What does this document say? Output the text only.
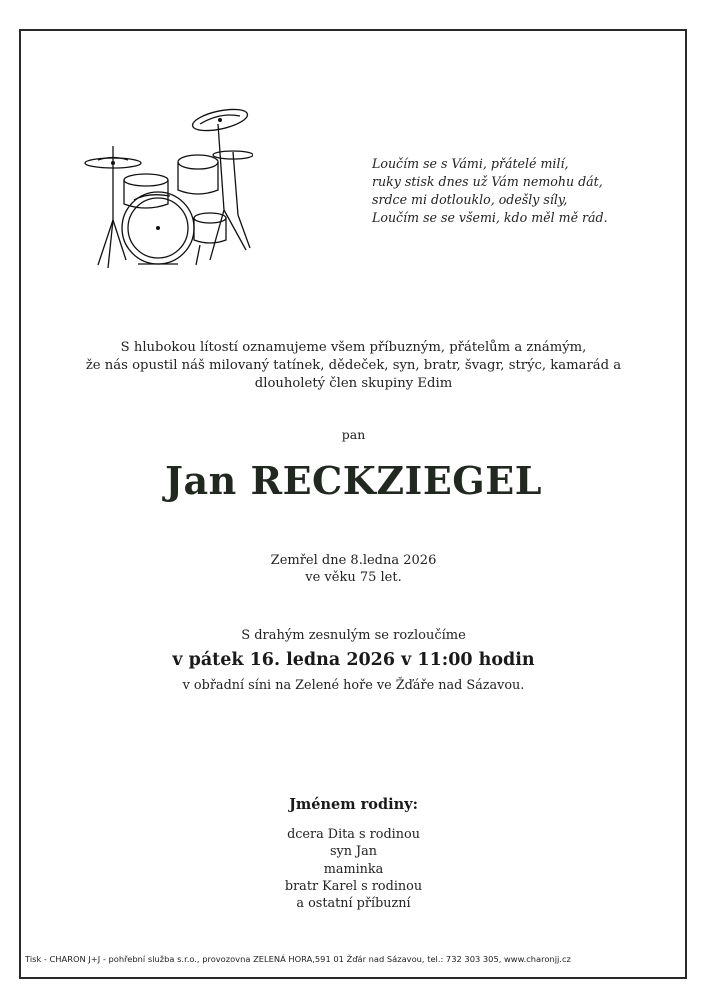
Loučím se s Vámi, přátelé milí,
ruky stisk dnes už Vám nemohu dát,
srdce mi dotlouklo, odešly síly,
Loučím se se všemi, kdo měl mě rád.
S hlubokou lítostí oznamujeme všem příbuzným, přátelům a známým,
že nás opustil náš milovaný tatínek, dědeček, syn, bratr, švagr, strýc, kamarád a
dlouholetý člen skupiny Edim
pan
Jan RECKZIEGEL
Zemřel dne 8.ledna 2026
ve věku 75 let.
S drahým zesnulým se rozloučíme
v pátek 16. ledna 2026 v 11:00 hodin
v obřadní síni na Zelené hoře ve Žďáře nad Sázavou.
Jménem rodiny:
dcera Dita s rodinou
syn Jan
maminka
bratr Karel s rodinou
a ostatní příbuzní
Tisk - CHARON J+J - pohřební služba s.r.o., provozovna ZELENÁ HORA,591 01 Žďár nad Sázavou, tel.: 732 303 305, www.charonjj.cz
